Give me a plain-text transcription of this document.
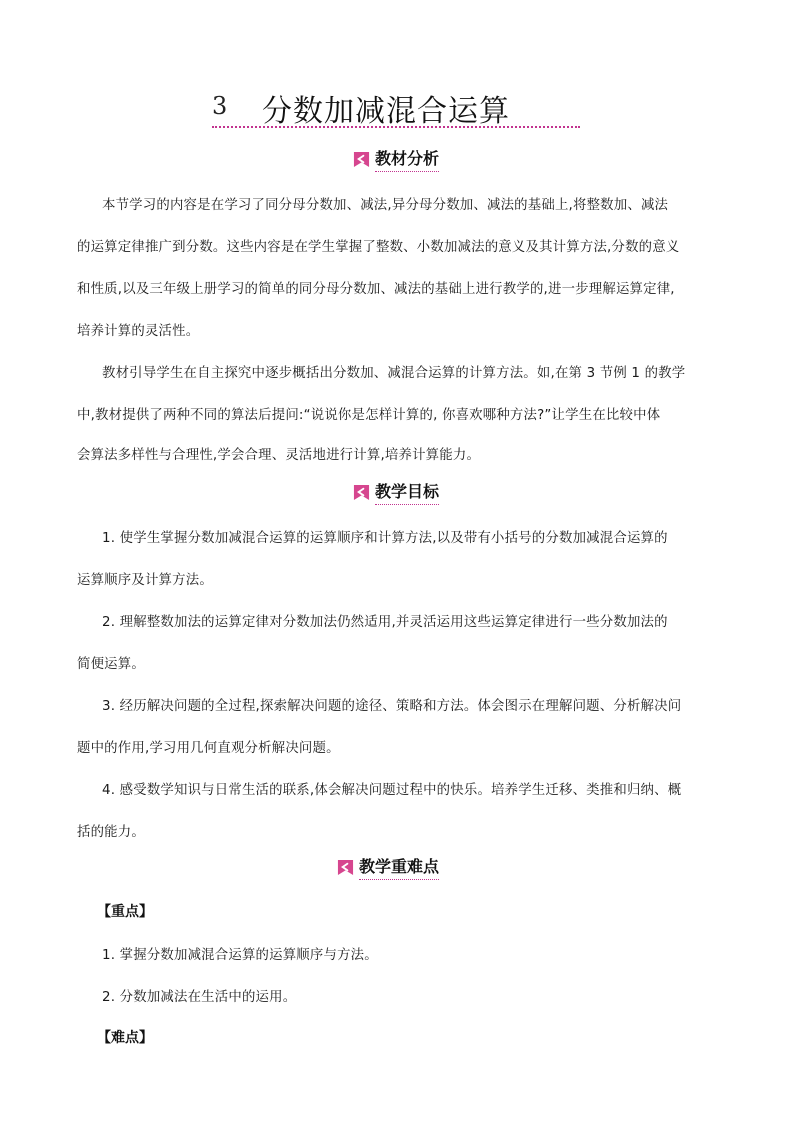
3 分数加减混合运算
教材分析
本节学习的内容是在学习了同分母分数加、减法,异分母分数加、减法的基础上,将整数加、减法
的运算定律推广到分数。这些内容是在学生掌握了整数、小数加减法的意义及其计算方法,分数的意义
和性质,以及三年级上册学习的简单的同分母分数加、减法的基础上进行教学的,进一步理解运算定律,
培养计算的灵活性。
教材引导学生在自主探究中逐步概括出分数加、减混合运算的计算方法。如,在第 3 节例 1 的教学
中,教材提供了两种不同的算法后提问:“说说你是怎样计算的, 你喜欢哪种方法?”让学生在比较中体
会算法多样性与合理性,学会合理、灵活地进行计算,培养计算能力。
教学目标
1. 使学生掌握分数加减混合运算的运算顺序和计算方法,以及带有小括号的分数加减混合运算的
运算顺序及计算方法。
2. 理解整数加法的运算定律对分数加法仍然适用,并灵活运用这些运算定律进行一些分数加法的
简便运算。
3. 经历解决问题的全过程,探索解决问题的途径、策略和方法。体会图示在理解问题、分析解决问
题中的作用,学习用几何直观分析解决问题。
4. 感受数学知识与日常生活的联系,体会解决问题过程中的快乐。培养学生迁移、类推和归纳、概
括的能力。
教学重难点
【重点】
1. 掌握分数加减混合运算的运算顺序与方法。
2. 分数加减法在生活中的运用。
【难点】
